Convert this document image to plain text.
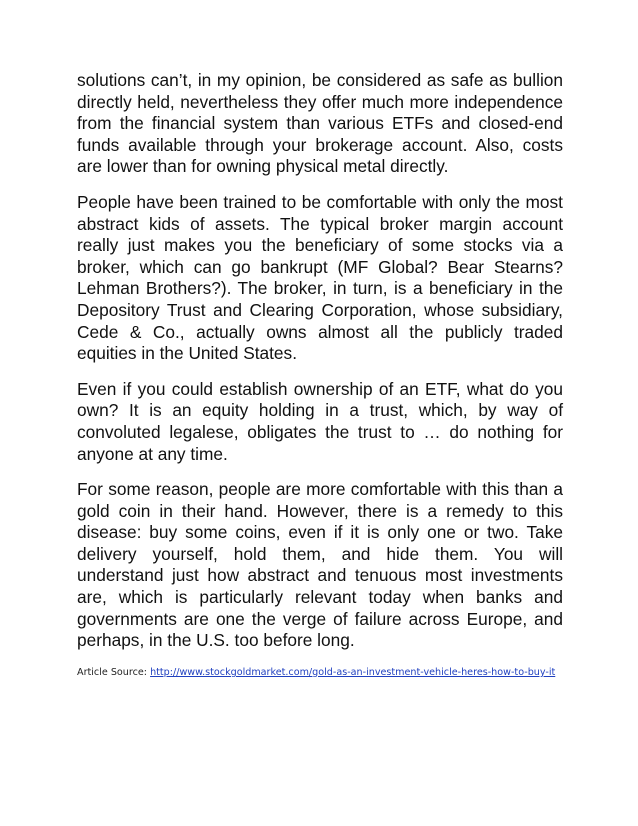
solutions can’t, in my opinion, be considered as safe as bullion directly held, nevertheless they offer much more independence from the financial system than various ETFs and closed-end funds available through your brokerage account. Also, costs are lower than for owning physical metal directly.

People have been trained to be comfortable with only the most abstract kids of assets. The typical broker margin account really just makes you the beneficiary of some stocks via a broker, which can go bankrupt (MF Global? Bear Stearns? Lehman Brothers?). The broker, in turn, is a beneficiary in the Depository Trust and Clearing Corporation, whose subsidiary, Cede & Co., actually owns almost all the publicly traded equities in the United States.

Even if you could establish ownership of an ETF, what do you own? It is an equity holding in a trust, which, by way of convoluted legalese, obligates the trust to … do nothing for anyone at any time.

For some reason, people are more comfortable with this than a gold coin in their hand. However, there is a remedy to this disease: buy some coins, even if it is only one or two. Take delivery yourself, hold them, and hide them. You will understand just how abstract and tenuous most investments are, which is particularly relevant today when banks and governments are one the verge of failure across Europe, and perhaps, in the U.S. too before long.

Article Source: http://www.stockgoldmarket.com/gold-as-an-investment-vehicle-heres-how-to-buy-it
